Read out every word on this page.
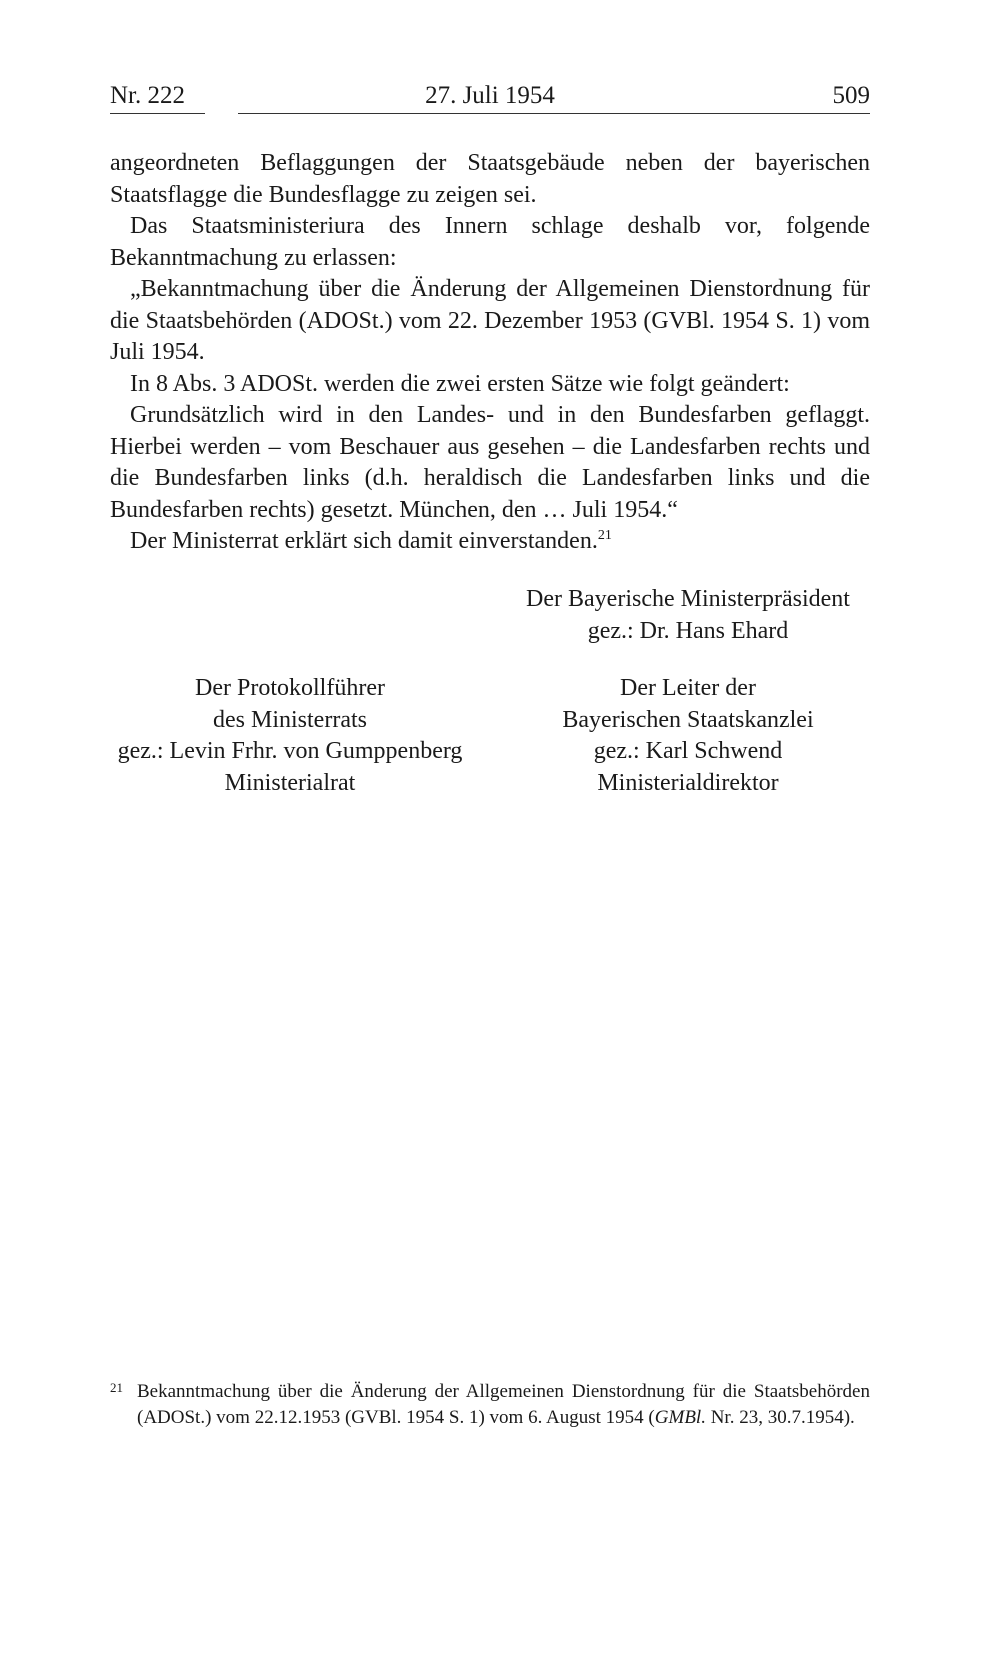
Nr. 222	27. Juli 1954	509

angeordneten Beflaggungen der Staatsgebäude neben der bayerischen Staatsflagge die Bundesflagge zu zeigen sei.

Das Staatsministeriura des Innern schlage deshalb vor, folgende Bekanntmachung zu erlassen:

„Bekanntmachung über die Änderung der Allgemeinen Dienstordnung für die Staatsbehörden (ADOSt.) vom 22. Dezember 1953 (GVBl. 1954 S. 1) vom Juli 1954.

In 8 Abs. 3 ADOSt. werden die zwei ersten Sätze wie folgt geändert:

Grundsätzlich wird in den Landes- und in den Bundesfarben geflaggt. Hierbei werden – vom Beschauer aus gesehen – die Landesfarben rechts und die Bundesfarben links (d.h. heraldisch die Landesfarben links und die Bundesfarben rechts) gesetzt. München, den … Juli 1954.“

Der Ministerrat erklärt sich damit einverstanden.$^{21}$

Der Bayerische Ministerpräsident
gez.: Dr. Hans Ehard
Der Protokollführer
des Ministerrats
gez.: Levin Frhr. von Gumppenberg
Ministerialrat
Der Leiter der
Bayerischen Staatskanzlei
gez.: Karl Schwend
Ministerialdirektor
21 Bekanntmachung über die Änderung der Allgemeinen Dienstordnung für die Staatsbehörden (ADOSt.) vom 22.12.1953 (GVBl. 1954 S. 1) vom 6. August 1954 (GMBl. Nr. 23, 30.7.1954).
